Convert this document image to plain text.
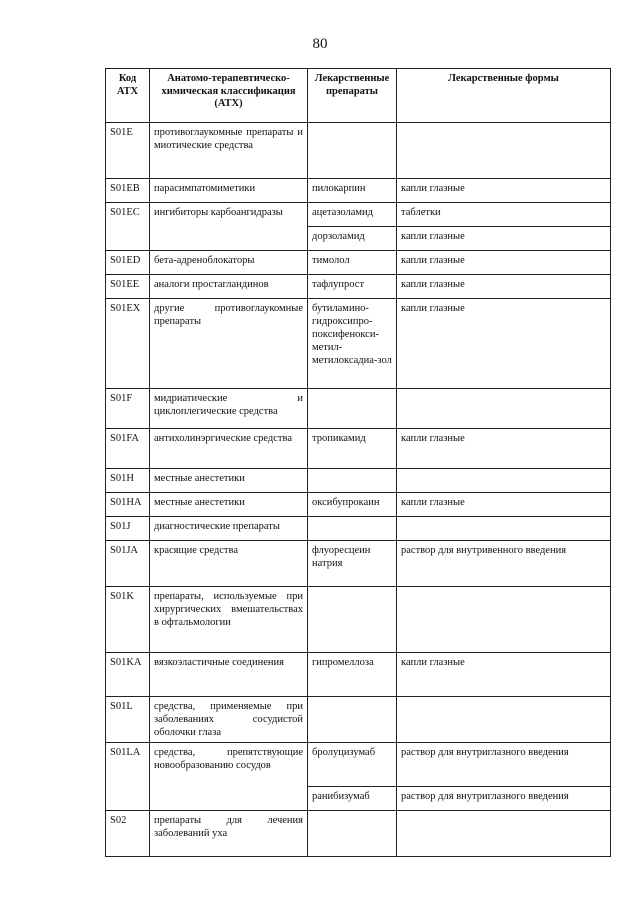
80
Код АТХ	Анатомо-терапевтическо-химическая классификация (АТХ)	Лекарственные препараты	Лекарственные формы
S01E	противоглаукомные препараты и миотические средства		
S01EB	парасимпатомиметики	пилокарпин	капли глазные
S01EC	ингибиторы карбоангидразы	ацетазоламид	таблетки
		дорзоламид	капли глазные
S01ED	бета-адреноблокаторы	тимолол	капли глазные
S01EE	аналоги простагландинов	тафлупрост	капли глазные
S01EX	другие противоглаукомные препараты	бутиламино-гидроксипро-поксифенокси-метил-метилоксадиа-зол	капли глазные
S01F	мидриатические и циклоплегические средства		
S01FA	антихолинэргические средства	тропикамид	капли глазные
S01H	местные анестетики		
S01HA	местные анестетики	оксибупрокаин	капли глазные
S01J	диагностические препараты		
S01JA	красящие средства	флуоресцеин натрия	раствор для внутривенного введения
S01K	препараты, используемые при хирургических вмешательствах в офтальмологии		
S01KA	вязкоэластичные соединения	гипромеллоза	капли глазные
S01L	средства, применяемые при заболеваниях сосудистой оболочки глаза		
S01LA	средства, препятствующие новообразованию сосудов	бролуцизумаб	раствор для внутриглазного введения
		ранибизумаб	раствор для внутриглазного введения
S02	препараты для лечения заболеваний уха		
